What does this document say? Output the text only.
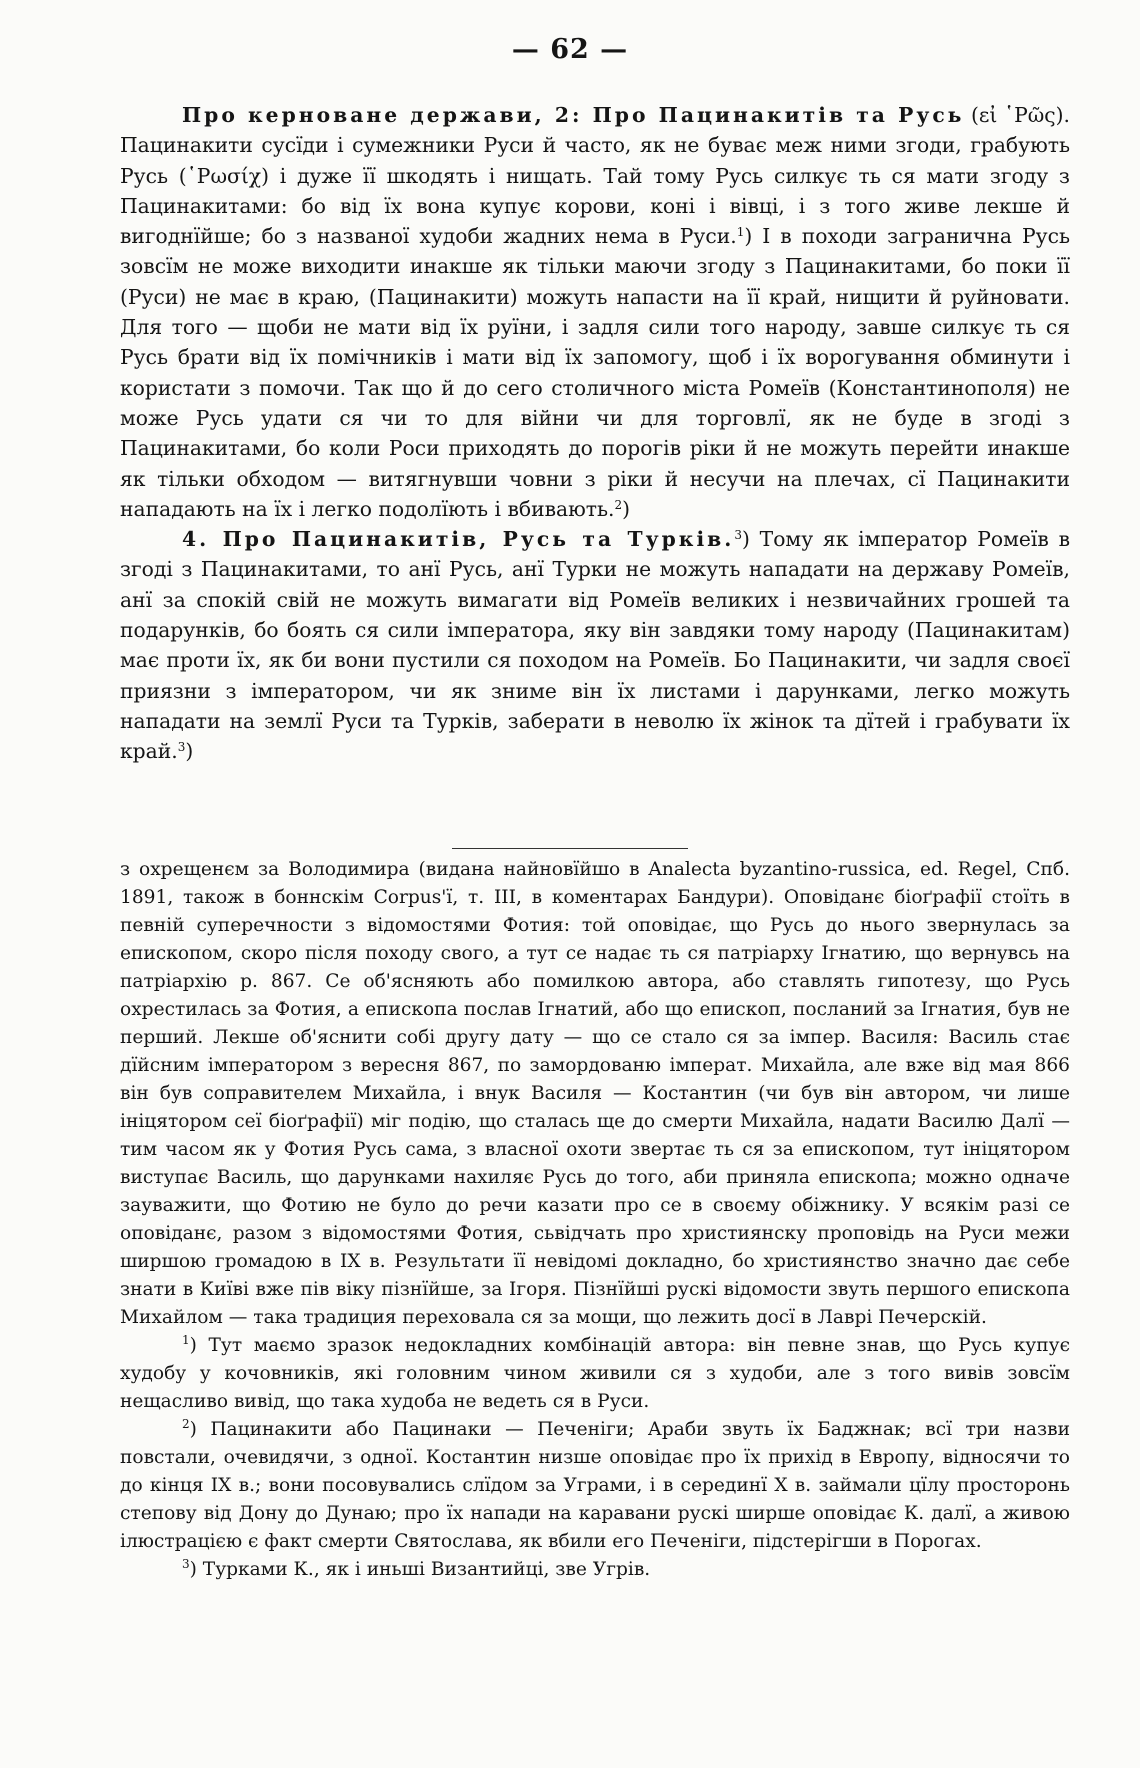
— 62 —

Про керноване держави, 2: Про Пацинакитів та Русь (εἰ ῾Ρῶς). Пацинакити сусїди і сумежники Руси й часто, як не буває меж ними згоди, грабують Русь (῾Ρωσίχ) і дуже її шкодять і нищать. Тай тому Русь силкує ть ся мати згоду з Пацинакитами: бо від їх вона купує корови, коні і вівці, і з того живе лекше й вигоднїйше; бо з названої худоби жадних нема в Руси.$^1$) І в походи загранична Русь зовсїм не може виходити инакше як тільки маючи згоду з Пацинакитами, бо поки її (Руси) не має в краю, (Пацинакити) можуть напасти на її край, нищити й руйновати. Для того — щоби не мати від їх руїни, і задля сили того народу, завше силкує ть ся Русь брати від їх помічників і мати від їх запомогу, щоб і їх ворогування обминути і користати з помочи. Так що й до сего столичного міста Ромеїв (Константинополя) не може Русь удати ся чи то для війни чи для торговлї, як не буде в згоді з Пацинакитами, бо коли Роси приходять до порогів ріки й не можуть перейти инакше як тільки обходом — витягнувши човни з ріки й несучи на плечах, сї Пацинакити нападають на їх і легко подолїють і вбивають.$^2$)

4. Про Пацинакитів, Русь та Турків.$^3$) Тому як імператор Ромеїв в згоді з Пацинакитами, то анї Русь, анї Турки не можуть нападати на державу Ромеїв, анї за спокій свій не можуть вимагати від Ромеїв великих і незвичайних грошей та подарунків, бо боять ся сили імператора, яку він завдяки тому народу (Пацинакитам) має проти їх, як би вони пустили ся походом на Ромеїв. Бо Пацинакити, чи задля своєї приязни з імператором, чи як зниме він їх листами і дарунками, легко можуть нападати на землї Руси та Турків, заберати в неволю їх жінок та дїтей і грабувати їх край.$^3$)

з охрещенєм за Володимира (видана найновїйшо в Analecta byzantino-russica, ed. Regel, Спб. 1891, також в боннскім Corpus'ї, т. III, в коментарах Бандури). Оповіданє біоґрафії стоїть в певній суперечности з відомостями Фотия: той оповідає, що Русь до нього звернулась за епископом, скоро після походу свого, а тут се надає ть ся патріарху Ігнатию, що вернувсь на патріархію р. 867. Се об'ясняють або помилкою автора, або ставлять гипотезу, що Русь охрестилась за Фотия, а епископа послав Ігнатий, або що епископ, посланий за Ігнатия, був не перший. Лекше об'яснити собі другу дату — що се стало ся за імпер. Василя: Василь стає дїйсним імператором з вересня 867, по замордованю імперат. Михайла, але вже від мая 866 він був соправителем Михайла, і внук Василя — Костантин (чи був він автором, чи лише ініцятором сеї біоґрафії) міг подію, що сталась ще до смерти Михайла, надати Василю Далї — тим часом як у Фотия Русь сама, з власної охоти звертає ть ся за епископом, тут ініцятором виступає Василь, що дарунками нахиляє Русь до того, аби приняла епископа; можно одначе зауважити, що Фотию не було до речи казати про се в своєму обіжнику. У всякім разі се оповіданє, разом з відомостями Фотия, сьвідчать про християнску проповідь на Руси межи ширшою громадою в IX в. Результати її невідомі докладно, бо християнство значно дає себе знати в Київі вже пів віку пізнїйше, за Ігоря. Пізнїйші рускі відомости звуть першого епископа Михайлом — така традиция переховала ся за мощи, що лежить досї в Лаврі Печерскій.

$^1$) Тут маємо зразок недокладних комбінацій автора: він певне знав, що Русь купує худобу у кочовників, які головним чином живили ся з худоби, але з того вивів зовсїм нещасливо вивід, що така худоба не ведеть ся в Руси.

$^2$) Пацинакити або Пацинаки — Печеніги; Араби звуть їх Баджнак; всї три назви повстали, очевидячи, з одної. Костантин низше оповідає про їх прихід в Европу, відносячи то до кінця IX в.; вони посовувались слїдом за Уграми, і в серединї X в. займали цїлу просторонь степову від Дону до Дунаю; про їх напади на каравани рускі ширше оповідає К. далї, а живою ілюстрацією є факт смерти Святослава, як вбили его Печеніги, підстерігши в Порогах.

$^3$) Турками К., як і иньші Византийці, зве Угрів.
